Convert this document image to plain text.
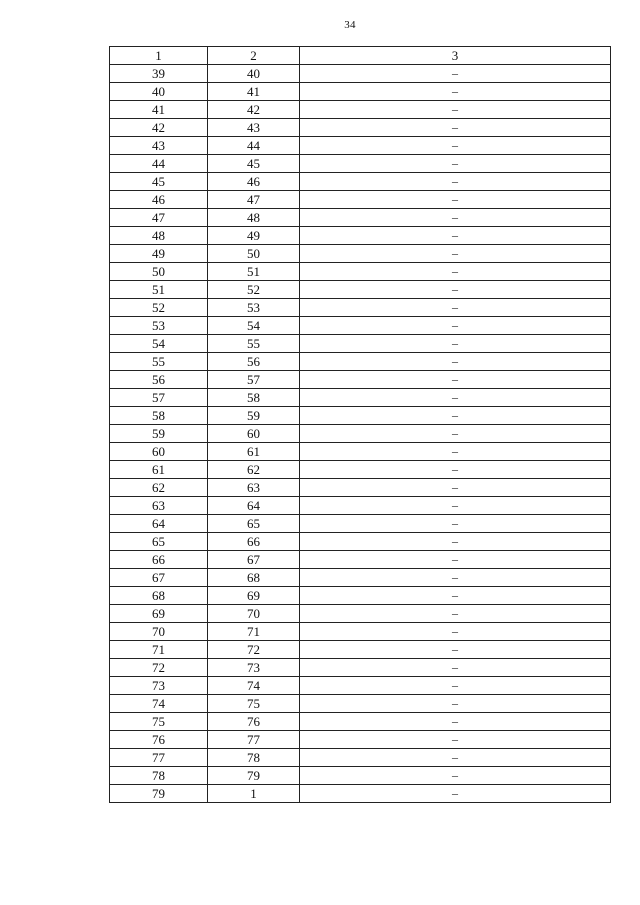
34
1	2	3
39	40	–
40	41	–
41	42	–
42	43	–
43	44	–
44	45	–
45	46	–
46	47	–
47	48	–
48	49	–
49	50	–
50	51	–
51	52	–
52	53	–
53	54	–
54	55	–
55	56	–
56	57	–
57	58	–
58	59	–
59	60	–
60	61	–
61	62	–
62	63	–
63	64	–
64	65	–
65	66	–
66	67	–
67	68	–
68	69	–
69	70	–
70	71	–
71	72	–
72	73	–
73	74	–
74	75	–
75	76	–
76	77	–
77	78	–
78	79	–
79	1	–
